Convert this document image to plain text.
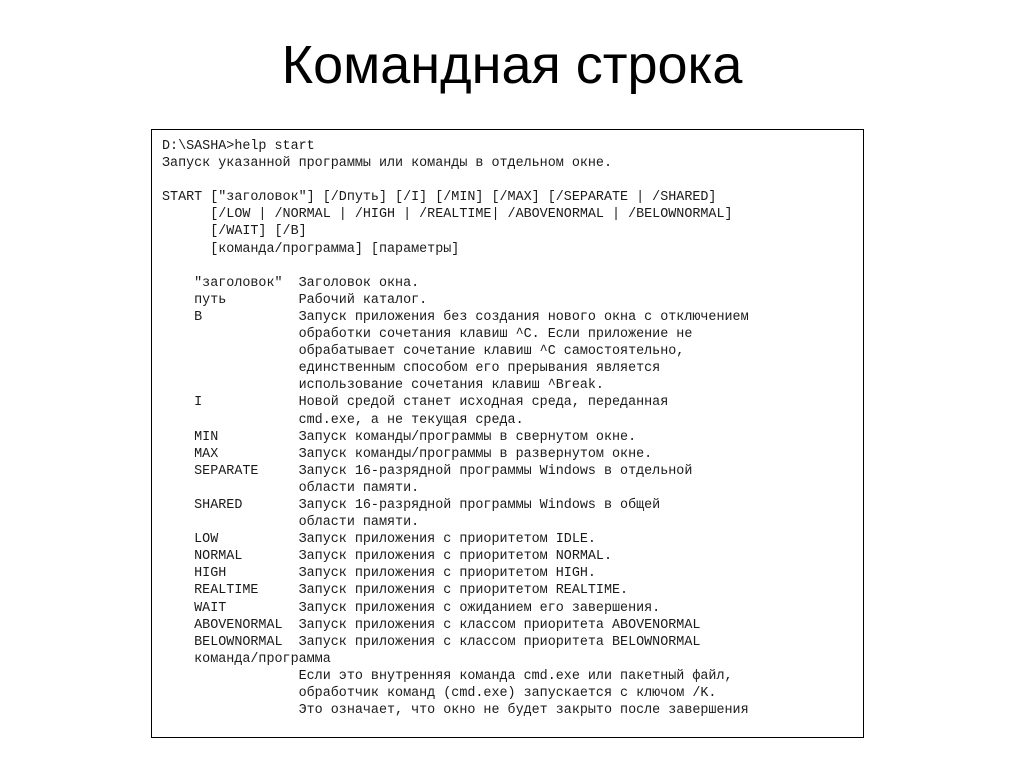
Командная строка
D:\SASHA>help start
Запуск указанной программы или команды в отдельном окне.

START ["заголовок"] [/Dпуть] [/I] [/MIN] [/MAX] [/SEPARATE | /SHARED]
[/LOW | /NORMAL | /HIGH | /REALTIME| /ABOVENORMAL | /BELOWNORMAL]
[/WAIT] [/B]
[команда/программа] [параметры]

"заголовок"  Заголовок окна.
путь         Рабочий каталог.
B            Запуск приложения без создания нового окна с отключением
обработки сочетания клавиш ^C. Если приложение не
обрабатывает сочетание клавиш ^C самостоятельно,
единственным способом его прерывания является
использование сочетания клавиш ^Break.
I            Новой средой станет исходная среда, переданная
cmd.exe, а не текущая среда.
MIN          Запуск команды/программы в свернутом окне.
MAX          Запуск команды/программы в развернутом окне.
SEPARATE     Запуск 16-разрядной программы Windows в отдельной
области памяти.
SHARED       Запуск 16-разрядной программы Windows в общей
области памяти.
LOW          Запуск приложения с приоритетом IDLE.
NORMAL       Запуск приложения с приоритетом NORMAL.
HIGH         Запуск приложения с приоритетом HIGH.
REALTIME     Запуск приложения с приоритетом REALTIME.
WAIT         Запуск приложения с ожиданием его завершения.
ABOVENORMAL  Запуск приложения с классом приоритета ABOVENORMAL
BELOWNORMAL  Запуск приложения с классом приоритета BELOWNORMAL
команда/программа
Если это внутренняя команда cmd.exe или пакетный файл,
обработчик команд (cmd.exe) запускается с ключом /K.
Это означает, что окно не будет закрыто после завершения
